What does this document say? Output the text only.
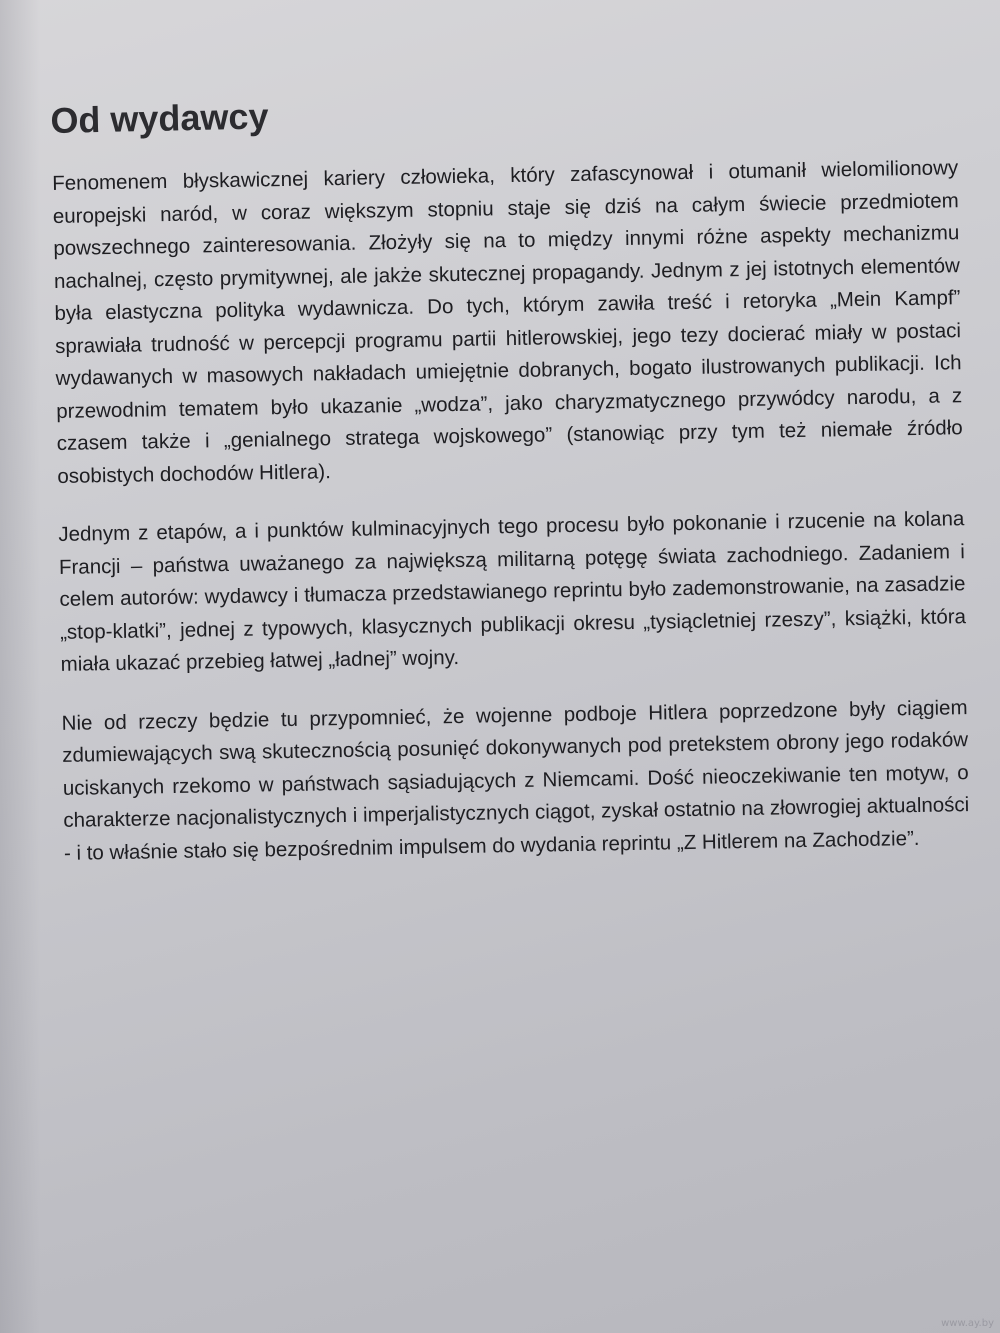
Od wydawcy

Fenomenem błyskawicznej kariery człowieka, który zafascynował i otumanił wielomilionowy europejski naród, w coraz większym stopniu staje się dziś na całym świecie przedmiotem powszechnego zainteresowania. Złożyły się na to między innymi różne aspekty mechanizmu nachalnej, często prymitywnej, ale jakże skutecznej propagandy. Jednym z jej istotnych elementów była elastyczna polityka wydawnicza. Do tych, którym zawiła treść i retoryka „Mein Kampf” sprawiała trudność w percepcji programu partii hitlerowskiej, jego tezy docierać miały w postaci wydawanych w masowych nakładach umiejętnie dobranych, bogato ilustrowanych publikacji. Ich przewodnim tematem było ukazanie „wodza”, jako charyzmatycznego przywódcy narodu, a z czasem także i „genialnego stratega wojskowego” (stanowiąc przy tym też niemałe źródło osobistych dochodów Hitlera).

Jednym z etapów, a i punktów kulminacyjnych tego procesu było pokonanie i rzucenie na kolana Francji – państwa uważanego za największą militarną potęgę świata zachodniego. Zadaniem i celem autorów: wydawcy i tłumacza przedstawianego reprintu było zademonstrowanie, na zasadzie „stop-klatki”, jednej z typowych, klasycznych publikacji okresu „tysiącletniej rzeszy”, książki, która miała ukazać przebieg łatwej „ładnej” wojny.

Nie od rzeczy będzie tu przypomnieć, że wojenne podboje Hitlera poprzedzone były ciągiem zdumiewających swą skutecznością posunięć dokonywanych pod pretekstem obrony jego rodaków uciskanych rzekomo w państwach sąsiadujących z Niemcami. Dość nieoczekiwanie ten motyw, o charakterze nacjonalistycznych i imperjalistycznych ciągot, zyskał ostatnio na złowrogiej aktualności - i to właśnie stało się bezpośrednim impulsem do wydania reprintu „Z Hitlerem na Zachodzie”.

www.ay.by
